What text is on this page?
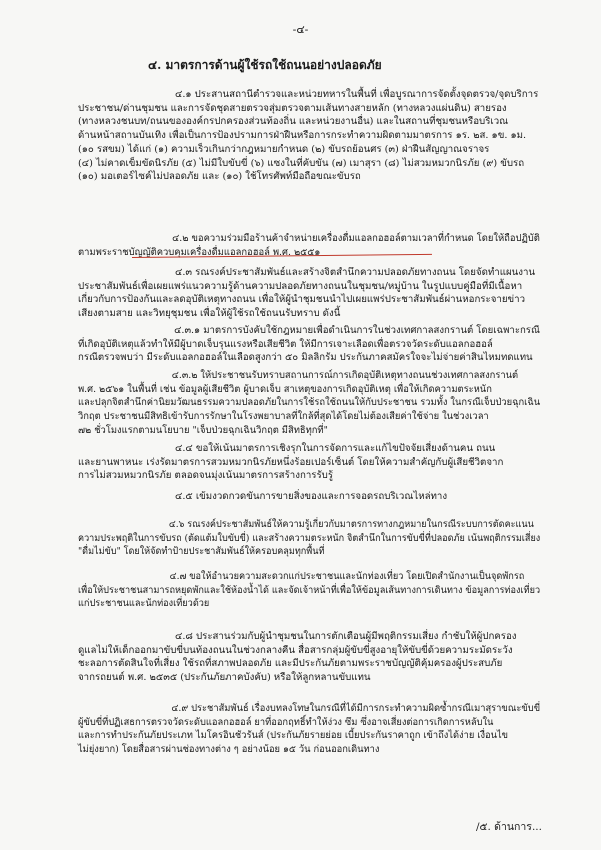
-๔-
๔. มาตรการด้านผู้ใช้รถใช้ถนนอย่างปลอดภัย
๔.๑ ประสานสถานีตำรวจและหน่วยทหารในพื้นที่ เพื่อบูรณาการจัดตั้งจุดตรวจ/จุดบริการ
ประชาชน/ด่านชุมชน และการจัดชุดสายตรวจสุ่มตรวจตามเส้นทางสายหลัก (ทางหลวงแผ่นดิน) สายรอง
(ทางหลวงชนบท/ถนนขององค์กรปกครองส่วนท้องถิ่น และหน่วยงานอื่น) และในสถานที่ชุมชนหรือบริเวณ
ด้านหน้าสถานบันเทิง เพื่อเป็นการป้องปรามการฝ่าฝืนหรือการกระทำความผิดตามมาตรการ ๑ร. ๒ส. ๑ข. ๑ม.
(๑๐ รสขม) ได้แก่ (๑) ความเร็วเกินกว่ากฎหมายกำหนด (๒) ขับรถย้อนศร (๓) ฝ่าฝืนสัญญาณจราจร
(๔) ไม่คาดเข็มขัดนิรภัย (๕) ไม่มีใบขับขี่ (๖) แซงในที่คับขัน (๗) เมาสุรา (๘) ไม่สวมหมวกนิรภัย (๙) ขับรถ
(๑๐) มอเตอร์ไซค์ไม่ปลอดภัย และ (๑๐) ใช้โทรศัพท์มือถือขณะขับรถ
๔.๒ ขอความร่วมมือร้านค้าจำหน่ายเครื่องดื่มแอลกอฮอล์ตามเวลาที่กำหนด โดยให้ถือปฏิบัติ
ตามพระราชบัญญัติควบคุมเครื่องดื่มแอลกอฮอล์ พ.ศ. ๒๕๕๑
๔.๓ รณรงค์ประชาสัมพันธ์และสร้างจิตสำนึกความปลอดภัยทางถนน โดยจัดทำแผนงาน
ประชาสัมพันธ์เพื่อเผยแพร่แนวความรู้ด้านความปลอดภัยทางถนนในชุมชน/หมู่บ้าน ในรูปแบบคู่มือที่มีเนื้อหา
เกี่ยวกับการป้องกันและลดอุบัติเหตุทางถนน เพื่อให้ผู้นำชุมชนนำไปเผยแพร่ประชาสัมพันธ์ผ่านหอกระจายข่าว
เสียงตามสาย และวิทยุชุมชน เพื่อให้ผู้ใช้รถใช้ถนนรับทราบ ดังนี้
๔.๓.๑ มาตรการบังคับใช้กฎหมายเพื่อดำเนินการในช่วงเทศกาลสงกรานต์ โดยเฉพาะกรณี
ที่เกิดอุบัติเหตุแล้วทำให้มีผู้บาดเจ็บรุนแรงหรือเสียชีวิต ให้มีการเจาะเลือดเพื่อตรวจวัดระดับแอลกอฮอล์
กรณีตรวจพบว่า มีระดับแอลกอฮอล์ในเลือดสูงกว่า ๕๐ มิลลิกรัม ประกันภาคสมัครใจจะไม่จ่ายค่าสินไหมทดแทน
๔.๓.๒ ให้ประชาชนรับทราบสถานการณ์การเกิดอุบัติเหตุทางถนนช่วงเทศกาลสงกรานต์
พ.ศ. ๒๕๖๑ ในพื้นที่ เช่น ข้อมูลผู้เสียชีวิต ผู้บาดเจ็บ สาเหตุของการเกิดอุบัติเหตุ เพื่อให้เกิดความตระหนัก
และปลุกจิตสำนึกค่านิยมวัฒนธรรมความปลอดภัยในการใช้รถใช้ถนนให้กับประชาชน รวมทั้ง ในกรณีเจ็บป่วยฉุกเฉิน
วิกฤต ประชาชนมีสิทธิเข้ารับการรักษาในโรงพยาบาลที่ใกล้ที่สุดได้โดยไม่ต้องเสียค่าใช้จ่าย ในช่วงเวลา
๗๒ ชั่วโมงแรกตามนโยบาย "เจ็บป่วยฉุกเฉินวิกฤต มีสิทธิทุกที่"
๔.๔ ขอให้เน้นมาตรการเชิงรุกในการจัดการและแก้ไขปัจจัยเสี่ยงด้านคน ถนน
และยานพาหนะ เร่งรัดมาตรการสวมหมวกนิรภัยหนึ่งร้อยเปอร์เซ็นต์ โดยให้ความสำคัญกับผู้เสียชีวิตจาก
การไม่สวมหมวกนิรภัย ตลอดจนมุ่งเน้นมาตรการสร้างการรับรู้
๔.๕ เข้มงวดกวดขันการขายสิ่งของและการจอดรถบริเวณไหล่ทาง
๔.๖ รณรงค์ประชาสัมพันธ์ให้ความรู้เกี่ยวกับมาตรการทางกฎหมายในกรณีระบบการตัดคะแนน
ความประพฤติในการขับรถ (ตัดแต้มใบขับขี่) และสร้างความตระหนัก จิตสำนึกในการขับขี่ที่ปลอดภัย เน้นพฤติกรรมเสี่ยง
"ดื่มไม่ขับ" โดยให้จัดทำป้ายประชาสัมพันธ์ให้ครอบคลุมทุกพื้นที่
๔.๗ ขอให้อำนวยความสะดวกแก่ประชาชนและนักท่องเที่ยว โดยเปิดสำนักงานเป็นจุดพักรถ
เพื่อให้ประชาชนสามารถหยุดพักและใช้ห้องน้ำได้ และจัดเจ้าหน้าที่เพื่อให้ข้อมูลเส้นทางการเดินทาง ข้อมูลการท่องเที่ยว
แก่ประชาชนและนักท่องเที่ยวด้วย
๔.๘ ประสานร่วมกับผู้นำชุมชนในการตักเตือนผู้มีพฤติกรรมเสี่ยง กำชับให้ผู้ปกครอง
ดูแลไม่ให้เด็กออกมาขับขี่บนท้องถนนในช่วงกลางคืน สื่อสารกลุ่มผู้ขับขี่สูงอายุให้ขับขี่ด้วยความระมัดระวัง
ชะลอการตัดสินใจที่เสี่ยง ใช้รถที่สภาพปลอดภัย และมีประกันภัยตามพระราชบัญญัติคุ้มครองผู้ประสบภัย
จากรถยนต์ พ.ศ. ๒๕๓๕ (ประกันภัยภาคบังคับ) หรือให้ลูกหลานขับแทน
๔.๙ ประชาสัมพันธ์ เรื่องบทลงโทษในกรณีที่ได้มีการกระทำความผิดซ้ำกรณีเมาสุราขณะขับขี่
ผู้ขับขี่ที่ปฏิเสธการตรวจวัดระดับแอลกอฮอล์ ยาที่ออกฤทธิ์ทำให้ง่วง ซึม ซึ่งอาจเสี่ยงต่อการเกิดการหลับใน
และการทำประกันภัยประเภท ไมโครอินชัวรันส์ (ประกันภัยรายย่อย เบี้ยประกันราคาถูก เข้าถึงได้ง่าย เงื่อนไข
ไม่ยุ่งยาก) โดยสื่อสารผ่านช่องทางต่าง ๆ อย่างน้อย ๑๕ วัน ก่อนออกเดินทาง
/๕. ด้านการ...
